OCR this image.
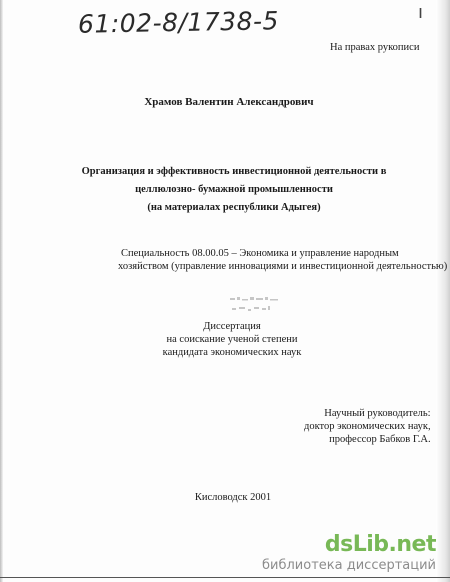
61:02-8/1738-5	ı
На правах рукописи
Храмов Валентин Александрович
Организация и эффективность инвестиционной деятельности в
целлюлозно- бумажной промышленности
(на материалах республики Адыгея)
Специальность 08.00.05 – Экономика и управление народным
хозяйством (управление инновациями и инвестиционной деятельностью)
Диссертация
на соискание ученой степени
кандидата экономических наук
Научный руководитель:
доктор экономических наук,
профессор Бабков Г.А.
Кисловодск 2001
dsLib.net
библиотека диссертаций
